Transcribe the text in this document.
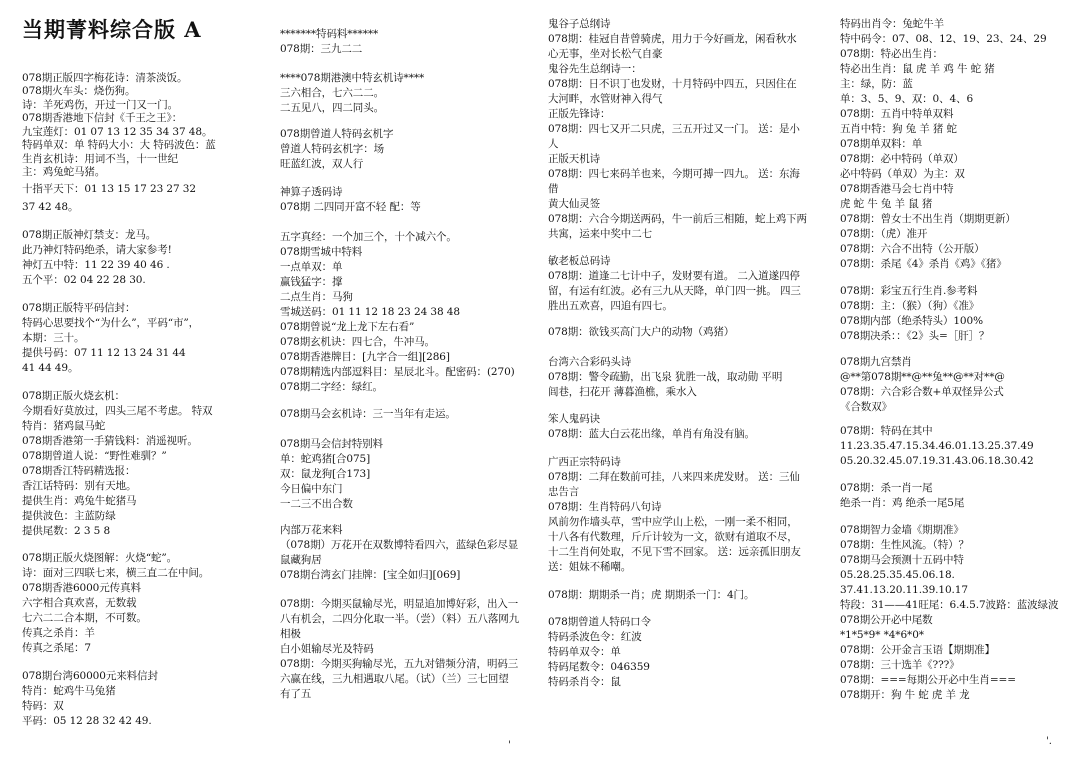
当期菁料综合版 A
078期正版四字梅花诗：清茶淡饭。
078期火车头：烧伤狗。
诗：羊死鸡伤，开过一门又一门。
078期香港地下信封《千王之王》：
九宝莲灯：01 07 13 12 35 34 37 48。
特码单双：单 特码大小：大 特码波色：蓝
生肖玄机诗：用词不当，十一世纪
主：鸡兔蛇马猪。
十指平天下：01 13 15 17 23 27 32
37 42 48。
078期正版神灯禁支：龙马。
此乃神灯特码绝杀，请大家参考!
神灯五中特：11 22 39 40 46 .
五个平：02 04 22 28 30.
078期正版特平码信封：
特码心思要找个“为什么”，平码“市”，
本期：三十。
提供号码：07 11 12 13 24 31 44
41 44 49。
078期正版火烧玄机：
今期看好莫放过，四头三尾不考虑。 特双
特肖：猪鸡鼠马蛇
078期香港第一手猜钱料：消遥视听。
078期曾道人说：“野性难驯？”
078期香江特码精选报：
香江话特码：别有天地。
提供生肖：鸡兔牛蛇猪马
提供波色：主蓝防绿
提供尾数：2 3 5 8
078期正版火烧图解：火烧“蛇”。
诗：面对三四联七来，横三直二在中间。
078期香港6000元传真料
六字相合真欢喜，无数载
七六二二合本期，不可数。
传真之杀肖：羊
传真之杀尾：7
078期台湾60000元来料信封
特肖：蛇鸡牛马兔猪
特码：双
平码：05 12 28 32 42 49.
*******特码料******
078期：三九二二
****078期港澳中特玄机诗****
三六相合，七六二二。
二五见八，四二同头。
078期曾道人特码玄机字
曾道人特码玄机字：场
旺蓝红波，双人行
神算子透码诗
078期 二四同开富不轻 配：等
五字真经：一个加三个，十个减六个。
078期雪城中特料
一点单双：单
赢钱猛字：撑
二点生肖：马狗
雪城送码：01 11 12 18 23 24 38 48
078期曾说“龙上龙下左右看”
078期玄机诀：四七合，牛冲马。
078期香港牌目：[九字合一组][286]
078期精选内部逗料目：星辰北斗。配密码：(270)
078期二字经：绿红。
078期马会玄机诗：三一当年有走运。
078期马会信封特别料
单：蛇鸡猪[合075]
双：鼠龙狗[合173]
今日偏中东门
一二三不出合数
内部万花来料
（078期）万花开在双数博特看四六，蓝绿色彩尽显
鼠藏狗居
078期台湾玄门挂牌：[宝全如归][069]
078期：今期买鼠输尽光，明显追加博好彩，出入一
八有机会，二四分化取一半。（尝）（料）五八落网九
相极
白小姐输尽光及特码
078期：今期买狗输尽光，五九对错频分清，明码三
六赢在线，三九相遇取八尾。（试）（兰）三七回望
有了五
鬼谷子总纲诗
078期：桂冠自昔曾骑虎，用力于今好画龙，闲看秋水
心无事，坐对长松气自豪
鬼谷先生总纲诗一：
078期：日不识丁也发财，十月特码中四五，只因住在
大河畔，水管财神入得气
正版先锋诗：
078期：四七又开二只虎，三五开过又一门。 送：是小
人
正版天机诗
078期：四七来码羊也来，今期可搏一四九。 送：东海
借
黄大仙灵签
078期：六合今期送两码，牛一前后三相随，蛇上鸡下两
共寓，运来中奖中二七
敏老板总码诗
078期：道逢二七计中子，发财要有道。 二入道遂四停
留，有运有红波。必有三九从天降，单门四一挑。 四三
胜出五欢喜，四追有四七。
078期：欲钱买高门大户的动物（鸡猪）
台湾六合彩码头诗
078期：警令疏勤，出飞泉 犹胜一战，取动勋 平明
闾巷，扫花开 薄暮渔樵，乘水入
笨人鬼码诀
078期：蓝大白云花出缘，单肖有角没有脑。
广西正宗特码诗
078期：二拜在数前可挂，八来四来虎发财。 送：三仙
忠告言
078期：生肖特码八句诗
风前勿作墙头草，雪中应学山上松，一刚一柔不相同，
十八各有代数理，斤斤计较为一文，欲财有道取不尽，
十二生肖何处取，不见下雪不回家。 送：远亲孤旧朋友
送：姐妹不稀嘲。
078期：期期杀一肖；虎 期期杀一门：4门。
078期曾道人特码口令
特码杀波色令：红波
特码单双令：单
特码尾数令：046359
特码杀肖令：鼠
特码出肖令：兔蛇牛羊
特中码令：07、08、12、19、23、24、29
078期：特必出生肖：
特必出生肖：鼠 虎 羊 鸡 牛 蛇 猪
主：绿，防：蓝
单：3、5、9、双：0、4、6
078期：五肖中特单双料
五肖中特：狗 兔 羊 猪 蛇
078期单双料：单
078期：必中特码（单双）
必中特码（单双）为主：双
078期香港马会七肖中特
虎 蛇 牛 兔 羊 鼠 猪
078期：曾女士不出生肖（期期更新）
078期：（虎）准开
078期：六合不出特（公开版）
078期：杀尾《4》杀肖《鸡》《猪》
078期：彩宝五行生肖.参考料
078期：主：（猴）（狗）《准》
078期内部（绝杀特头）100%
078期决杀：：《2》头=［肝］？
078期九宫禁肖
@**第078期**@**兔**@**对**@
078期：六合彩合数+单双怪异公式
《合数双》
078期：特码在其中
11.23.35.47.15.34.46.01.13.25.37.49
05.20.32.45.07.19.31.43.06.18.30.42
078期：杀一肖一尾
绝杀一肖：鸡 绝杀一尾5尾
078期智力金墙《期期准》
078期：生性风流。（特）？
078期马会预测十五码中特
05.28.25.35.45.06.18.
37.41.13.20.11.39.10.17
特段：31——41旺尾：6.4.5.7波路：蓝波绿波
078期公开必中尾数
*1*5*9* *4*6*0*
078期：公开金言玉语【期期准】
078期：三十选羊《???》
078期：===每期公开必中生肖===
078期开：狗 牛 蛇 虎 羊 龙
'	'.
